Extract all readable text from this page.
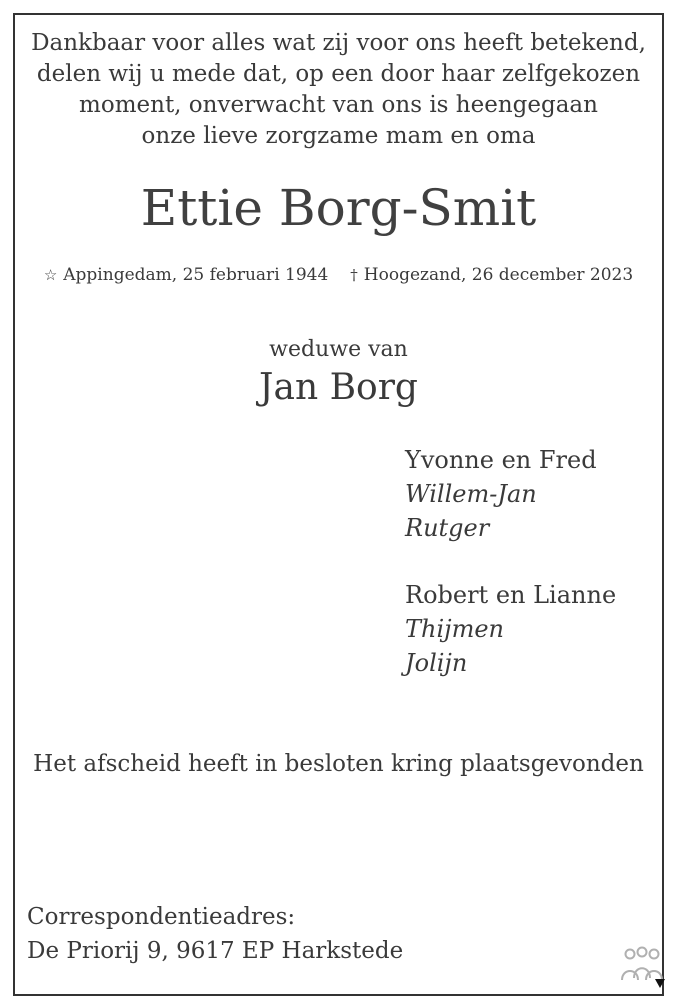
Dankbaar voor alles wat zij voor ons heeft betekend,
delen wij u mede dat, op een door haar zelfgekozen
moment, onverwacht van ons is heengegaan
onze lieve zorgzame mam en oma
Ettie Borg-Smit
☆ Appingedam, 25 februari 1944 † Hoogezand, 26 december 2023
weduwe van
Jan Borg
Yvonne en Fred
Willem-Jan
Rutger
Robert en Lianne
Thijmen
Jolijn
Het afscheid heeft in besloten kring plaatsgevonden
Correspondentieadres:
De Priorij 9, 9617 EP Harkstede
